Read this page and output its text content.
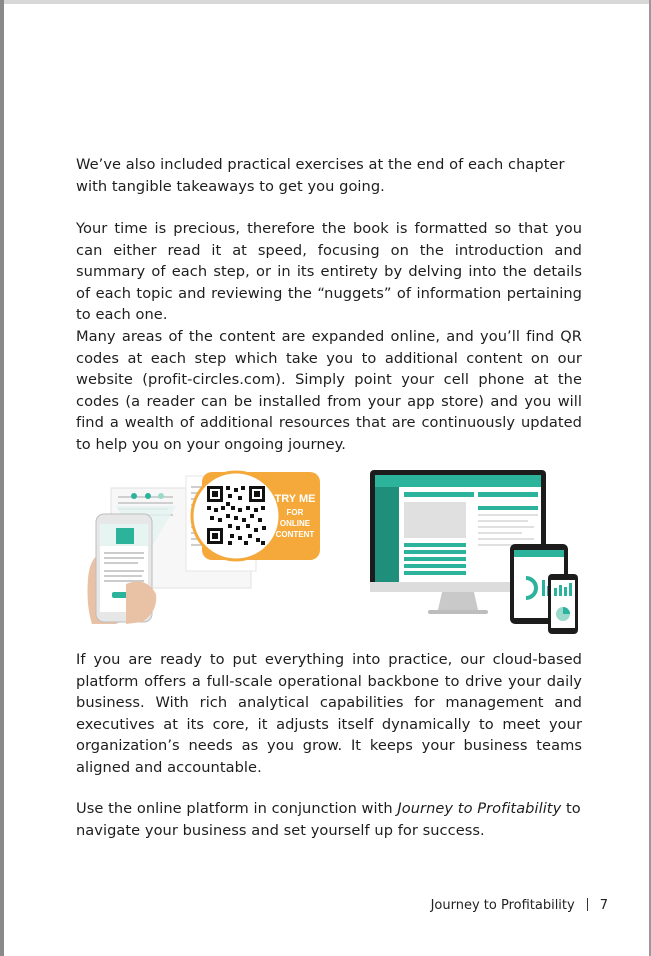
We’ve also included practical exercises at the end of each chapter with tangible takeaways to get you going.

Your time is precious, therefore the book is formatted so that you can either read it at speed, focusing on the introduction and summary of each step, or in its entirety by delving into the details of each topic and reviewing the “nuggets” of information pertaining to each one.

Many areas of the content are expanded online, and you’ll find QR codes at each step which take you to additional content on our website (profit-circles.com). Simply point your cell phone at the codes (a reader can be installed from your app store) and you will find a wealth of additional resources that are continuously updated to help you on your ongoing journey.

TRY ME
FOR
ONLINE
CONTENT

If you are ready to put everything into practice, our cloud-based platform offers a full-scale operational backbone to drive your daily business. With rich analytical capabilities for management and executives at its core, it adjusts itself dynamically to meet your organization’s needs as you grow. It keeps your business teams aligned and accountable.

Use the online platform in conjunction with Journey to Profitability to navigate your business and set yourself up for success.

Journey to Profitability 7
